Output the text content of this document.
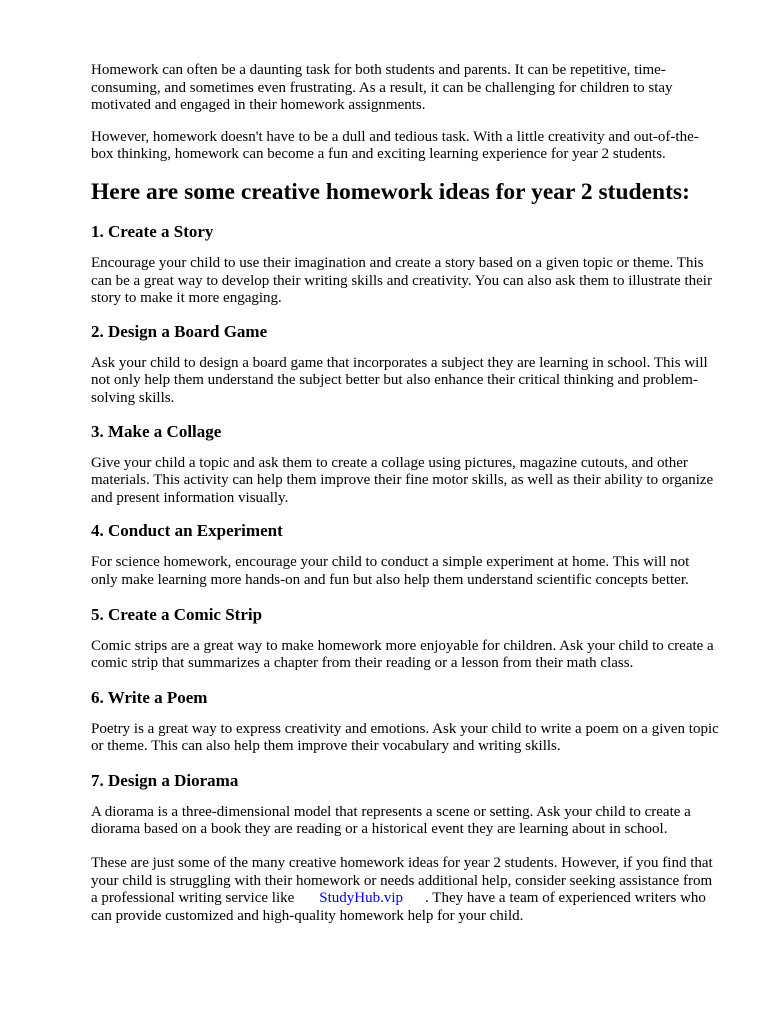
Homework can often be a daunting task for both students and parents. It can be repetitive, time-consuming, and sometimes even frustrating. As a result, it can be challenging for children to stay motivated and engaged in their homework assignments.

However, homework doesn't have to be a dull and tedious task. With a little creativity and out-of-the-box thinking, homework can become a fun and exciting learning experience for year 2 students.

Here are some creative homework ideas for year 2 students:
1. Create a Story

Encourage your child to use their imagination and create a story based on a given topic or theme. This can be a great way to develop their writing skills and creativity. You can also ask them to illustrate their story to make it more engaging.

2. Design a Board Game

Ask your child to design a board game that incorporates a subject they are learning in school. This will not only help them understand the subject better but also enhance their critical thinking and problem-solving skills.

3. Make a Collage

Give your child a topic and ask them to create a collage using pictures, magazine cutouts, and other materials. This activity can help them improve their fine motor skills, as well as their ability to organize and present information visually.

4. Conduct an Experiment

For science homework, encourage your child to conduct a simple experiment at home. This will not only make learning more hands-on and fun but also help them understand scientific concepts better.

5. Create a Comic Strip

Comic strips are a great way to make homework more enjoyable for children. Ask your child to create a comic strip that summarizes a chapter from their reading or a lesson from their math class.

6. Write a Poem

Poetry is a great way to express creativity and emotions. Ask your child to write a poem on a given topic or theme. This can also help them improve their vocabulary and writing skills.

7. Design a Diorama

A diorama is a three-dimensional model that represents a scene or setting. Ask your child to create a diorama based on a book they are reading or a historical event they are learning about in school.

These are just some of the many creative homework ideas for year 2 students. However, if you find that your child is struggling with their homework or needs additional help, consider seeking assistance from a professional writing service like StudyHub.vip . They have a team of experienced writers who can provide customized and high-quality homework help for your child.
